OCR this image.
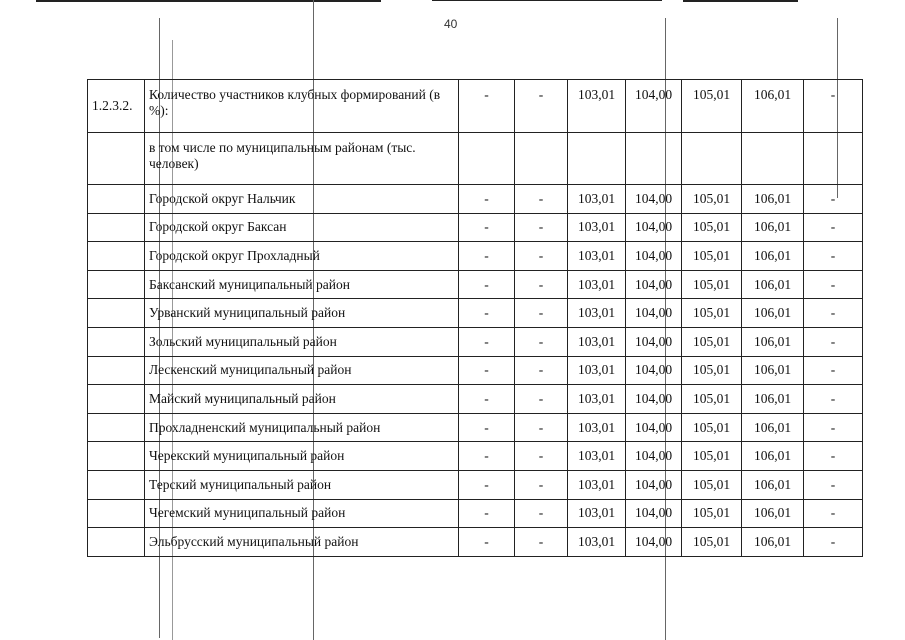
40
1.2.3.2.	Количество участников клубных формирований (в %):	-	-	103,01	104,00	105,01	106,01	-
	в том числе по муниципальным районам (тыс. человек)							
	Городской округ Нальчик	-	-	103,01	104,00	105,01	106,01	-
	Городской округ Баксан	-	-	103,01	104,00	105,01	106,01	-
	Городской округ Прохладный	-	-	103,01	104,00	105,01	106,01	-
	Баксанский муниципальный район	-	-	103,01	104,00	105,01	106,01	-
	Урванский муниципальный район	-	-	103,01	104,00	105,01	106,01	-
	Зольский муниципальный район	-	-	103,01	104,00	105,01	106,01	-
	Лескенский муниципальный район	-	-	103,01	104,00	105,01	106,01	-
	Майский муниципальный район	-	-	103,01	104,00	105,01	106,01	-
	Прохладненский муниципальный район	-	-	103,01	104,00	105,01	106,01	-
	Черекский муниципальный район	-	-	103,01	104,00	105,01	106,01	-
	Терский муниципальный район	-	-	103,01	104,00	105,01	106,01	-
	Чегемский муниципальный район	-	-	103,01	104,00	105,01	106,01	-
	Эльбрусский муниципальный район	-	-	103,01	104,00	105,01	106,01	-
